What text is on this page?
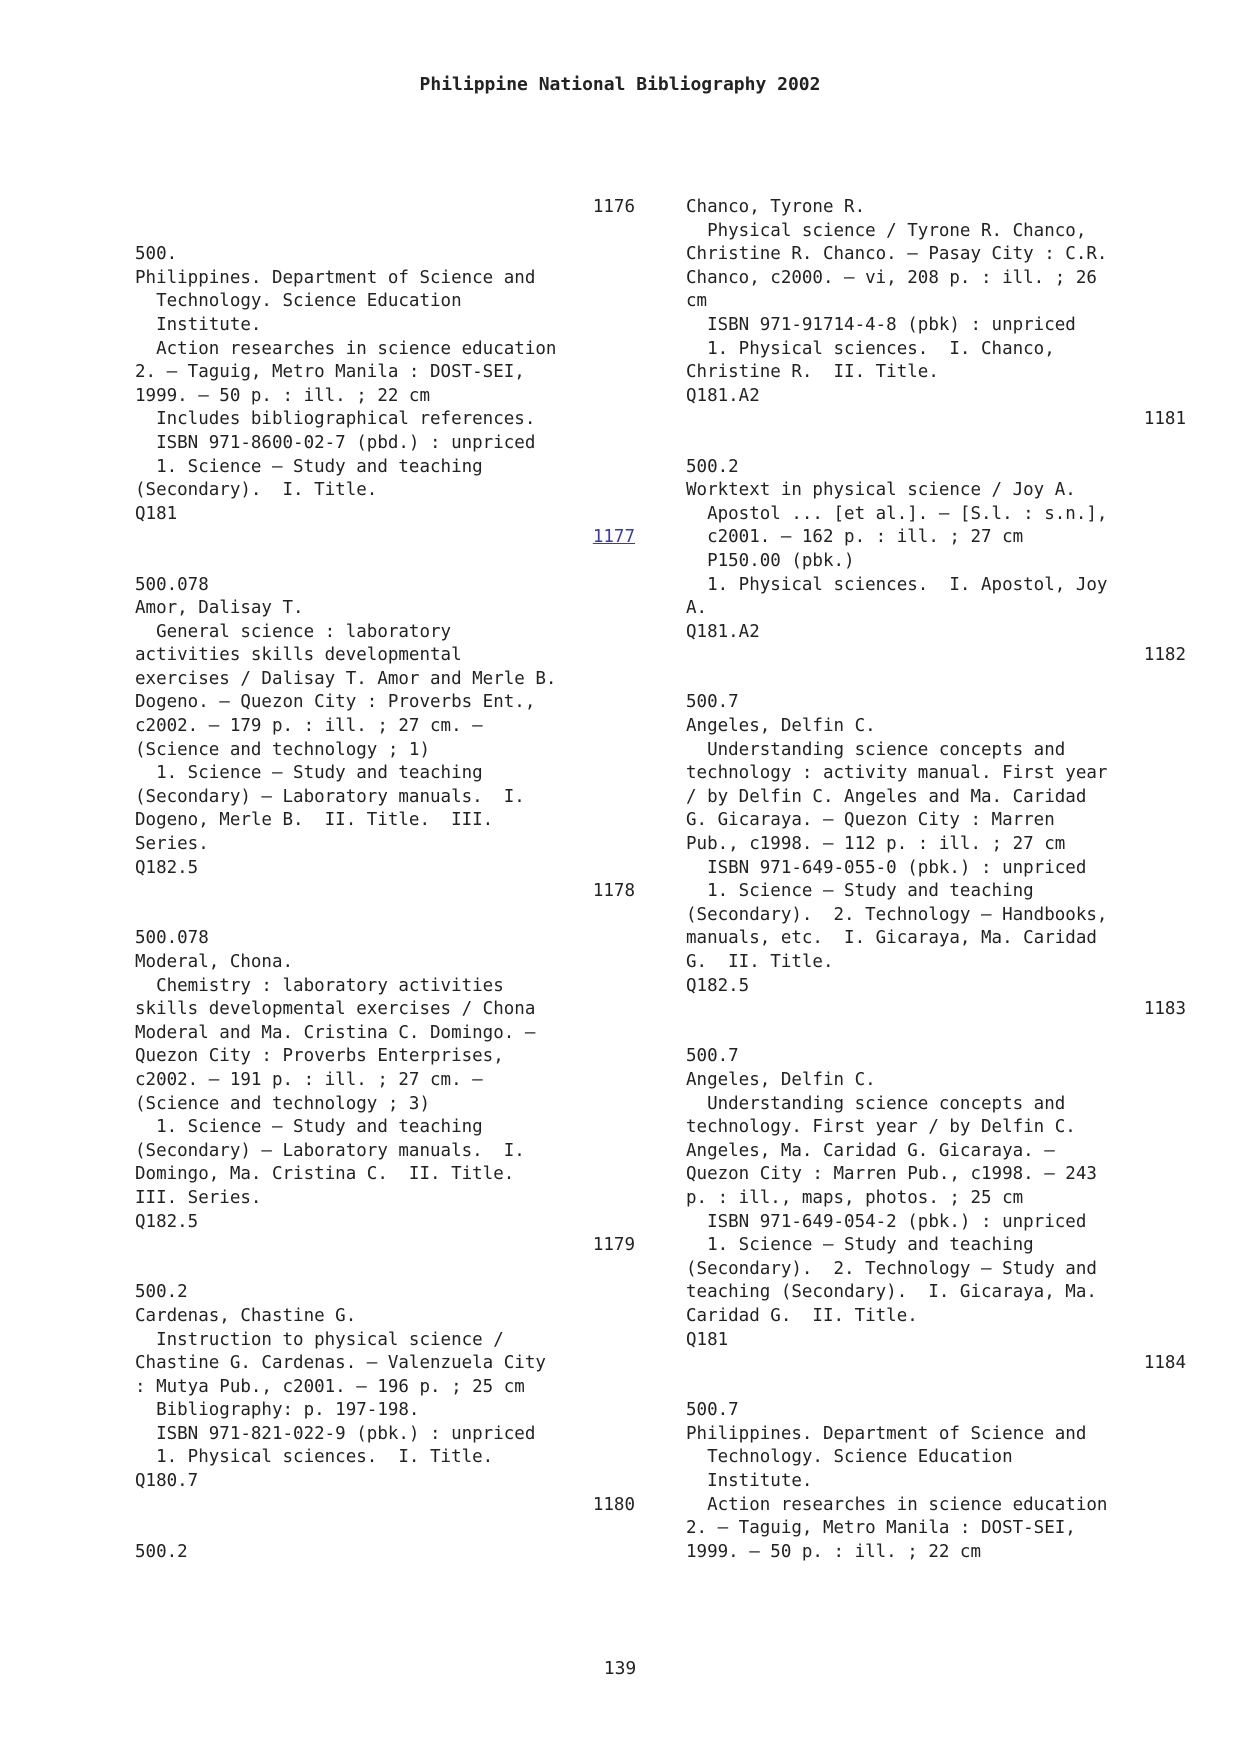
Philippine National Bibliography 2002
1176
500.
Philippines. Department of Science and
Technology. Science Education
Institute.
Action researches in science education
2. – Taguig, Metro Manila : DOST-SEI,
1999. – 50 p. : ill. ; 22 cm
Includes bibliographical references.
ISBN 971-8600-02-7 (pbd.) : unpriced
1. Science – Study and teaching
(Secondary).  I. Title.
Q181
1177
500.078
Amor, Dalisay T.
General science : laboratory
activities skills developmental
exercises / Dalisay T. Amor and Merle B.
Dogeno. – Quezon City : Proverbs Ent.,
c2002. – 179 p. : ill. ; 27 cm. –
(Science and technology ; 1)
1. Science – Study and teaching
(Secondary) – Laboratory manuals.  I.
Dogeno, Merle B.  II. Title.  III.
Series.
Q182.5
1178
500.078
Moderal, Chona.
Chemistry : laboratory activities
skills developmental exercises / Chona
Moderal and Ma. Cristina C. Domingo. –
Quezon City : Proverbs Enterprises,
c2002. – 191 p. : ill. ; 27 cm. –
(Science and technology ; 3)
1. Science – Study and teaching
(Secondary) – Laboratory manuals.  I.
Domingo, Ma. Cristina C.  II. Title.
III. Series.
Q182.5
1179
500.2
Cardenas, Chastine G.
Instruction to physical science /
Chastine G. Cardenas. – Valenzuela City
: Mutya Pub., c2001. – 196 p. ; 25 cm
Bibliography: p. 197-198.
ISBN 971-821-022-9 (pbk.) : unpriced
1. Physical sciences.  I. Title.
Q180.7
1180
500.2
Chanco, Tyrone R.
Physical science / Tyrone R. Chanco,
Christine R. Chanco. – Pasay City : C.R.
Chanco, c2000. – vi, 208 p. : ill. ; 26
cm
ISBN 971-91714-4-8 (pbk) : unpriced
1. Physical sciences.  I. Chanco,
Christine R.  II. Title.
Q181.A2
1181
500.2
Worktext in physical science / Joy A.
Apostol ... [et al.]. – [S.l. : s.n.],
c2001. – 162 p. : ill. ; 27 cm
P150.00 (pbk.)
1. Physical sciences.  I. Apostol, Joy
A.
Q181.A2
1182
500.7
Angeles, Delfin C.
Understanding science concepts and
technology : activity manual. First year
/ by Delfin C. Angeles and Ma. Caridad
G. Gicaraya. – Quezon City : Marren
Pub., c1998. – 112 p. : ill. ; 27 cm
ISBN 971-649-055-0 (pbk.) : unpriced
1. Science – Study and teaching
(Secondary).  2. Technology – Handbooks,
manuals, etc.  I. Gicaraya, Ma. Caridad
G.  II. Title.
Q182.5
1183
500.7
Angeles, Delfin C.
Understanding science concepts and
technology. First year / by Delfin C.
Angeles, Ma. Caridad G. Gicaraya. –
Quezon City : Marren Pub., c1998. – 243
p. : ill., maps, photos. ; 25 cm
ISBN 971-649-054-2 (pbk.) : unpriced
1. Science – Study and teaching
(Secondary).  2. Technology – Study and
teaching (Secondary).  I. Gicaraya, Ma.
Caridad G.  II. Title.
Q181
1184
500.7
Philippines. Department of Science and
Technology. Science Education
Institute.
Action researches in science education
2. – Taguig, Metro Manila : DOST-SEI,
1999. – 50 p. : ill. ; 22 cm
139
